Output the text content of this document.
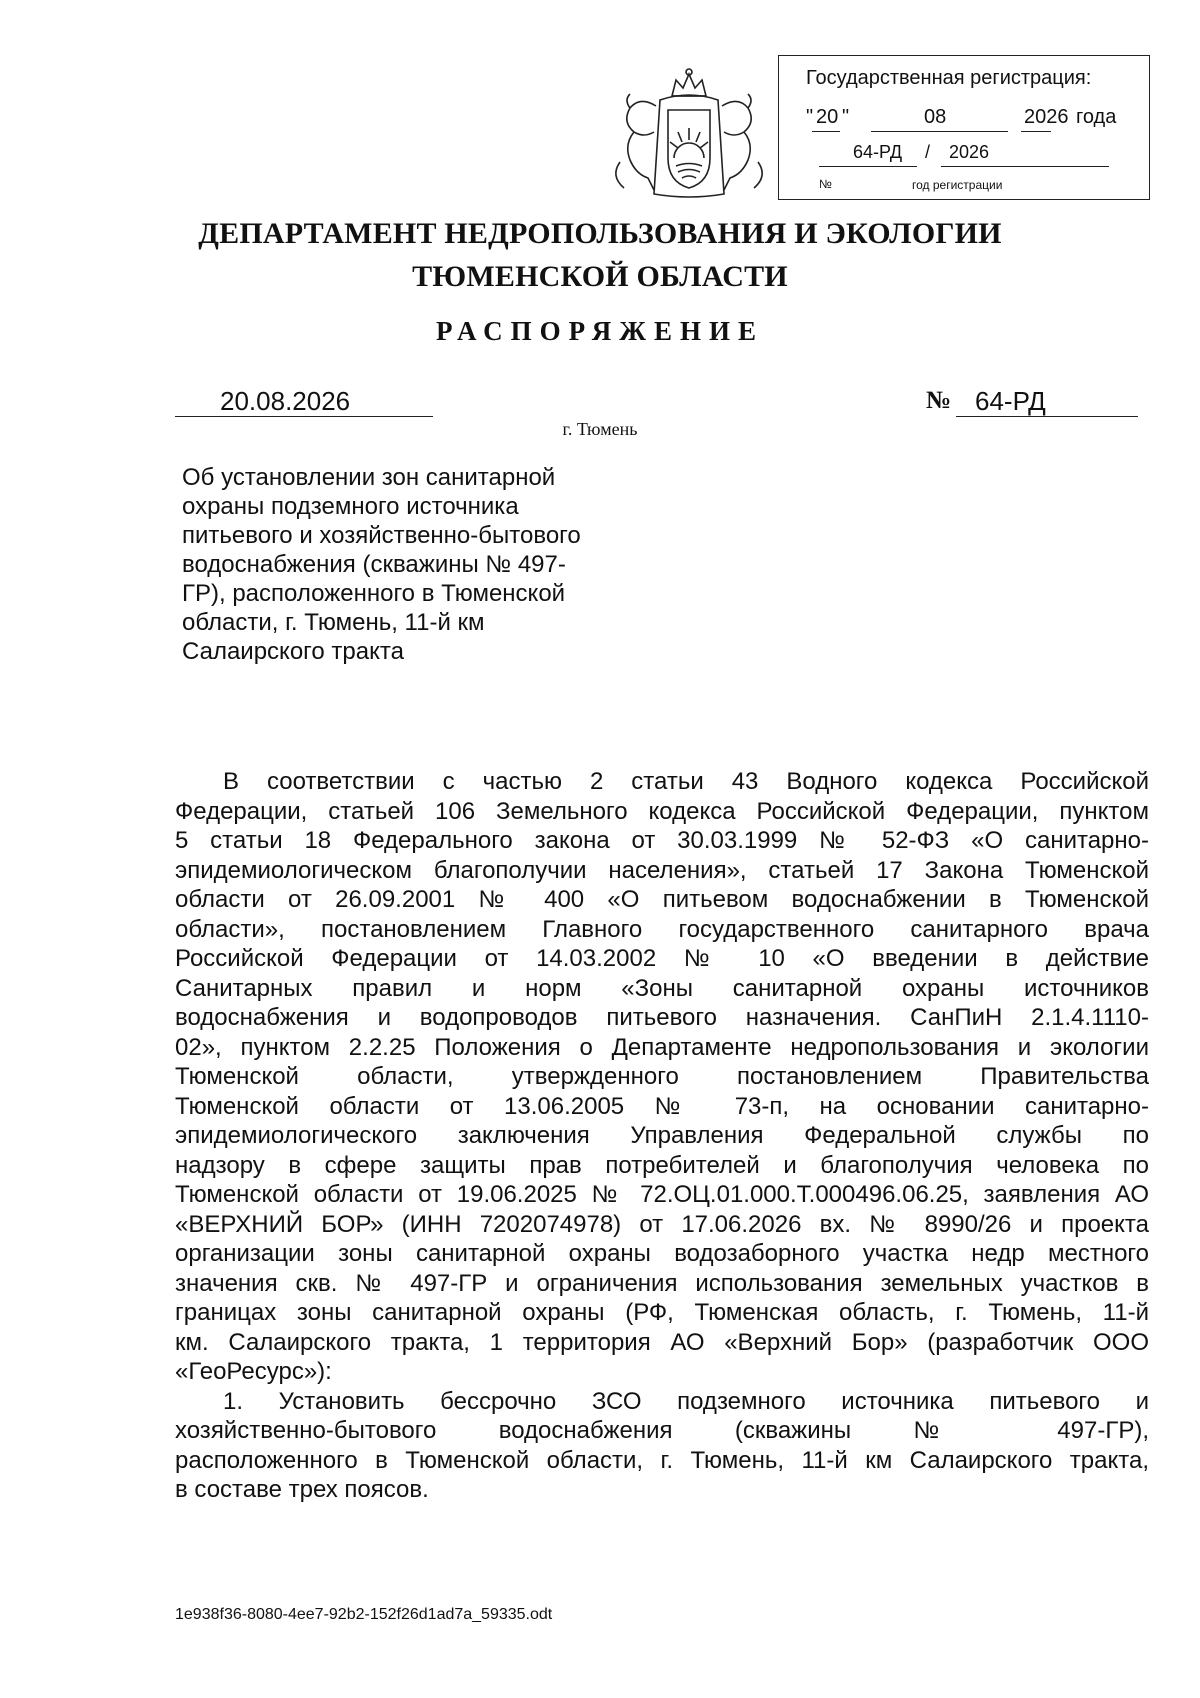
Государственная регистрация:
" 20 "	08	2026 года
64-РД / 2026
№	год регистрации
ДЕПАРТАМЕНТ НЕДРОПОЛЬЗОВАНИЯ И ЭКОЛОГИИ
ТЮМЕНСКОЙ ОБЛАСТИ
РАСПОРЯЖЕНИЕ
20.08.2026	№ 64-РД
г. Тюмень
Об установлении зон санитарной
охраны подземного источника
питьевого и хозяйственно-бытового
водоснабжения (скважины № 497-
ГР), расположенного в Тюменской
области, г. Тюмень, 11-й км
Салаирского тракта
В соответствии с частью 2 статьи 43 Водного кодекса Российской
Федерации, статьей 106 Земельного кодекса Российской Федерации, пунктом
5 статьи 18 Федерального закона от 30.03.1999 № 52-ФЗ «О санитарно-
эпидемиологическом благополучии населения», статьей 17 Закона Тюменской
области от 26.09.2001 № 400 «О питьевом водоснабжении в Тюменской
области», постановлением Главного государственного санитарного врача
Российской Федерации от 14.03.2002 № 10 «О введении в действие
Санитарных правил и норм «Зоны санитарной охраны источников
водоснабжения и водопроводов питьевого назначения. СанПиН 2.1.4.1110-
02», пунктом 2.2.25 Положения о Департаменте недропользования и экологии
Тюменской области, утвержденного постановлением Правительства
Тюменской области от 13.06.2005 № 73-п, на основании санитарно-
эпидемиологического заключения Управления Федеральной службы по
надзору в сфере защиты прав потребителей и благополучия человека по
Тюменской области от 19.06.2025 № 72.ОЦ.01.000.Т.000496.06.25, заявления АО
«ВЕРХНИЙ БОР» (ИНН 7202074978) от 17.06.2026 вх. № 8990/26 и проекта
организации зоны санитарной охраны водозаборного участка недр местного
значения скв. № 497-ГР и ограничения использования земельных участков в
границах зоны санитарной охраны (РФ, Тюменская область, г. Тюмень, 11-й
км. Салаирского тракта, 1 территория АО «Верхний Бор» (разработчик ООО
«ГеоРесурс»):
1. Установить бессрочно ЗСО подземного источника питьевого и
хозяйственно-бытового водоснабжения (скважины № 497-ГР),
расположенного в Тюменской области, г. Тюмень, 11-й км Салаирского тракта,
в составе трех поясов.
1e938f36-8080-4ee7-92b2-152f26d1ad7a_59335.odt
